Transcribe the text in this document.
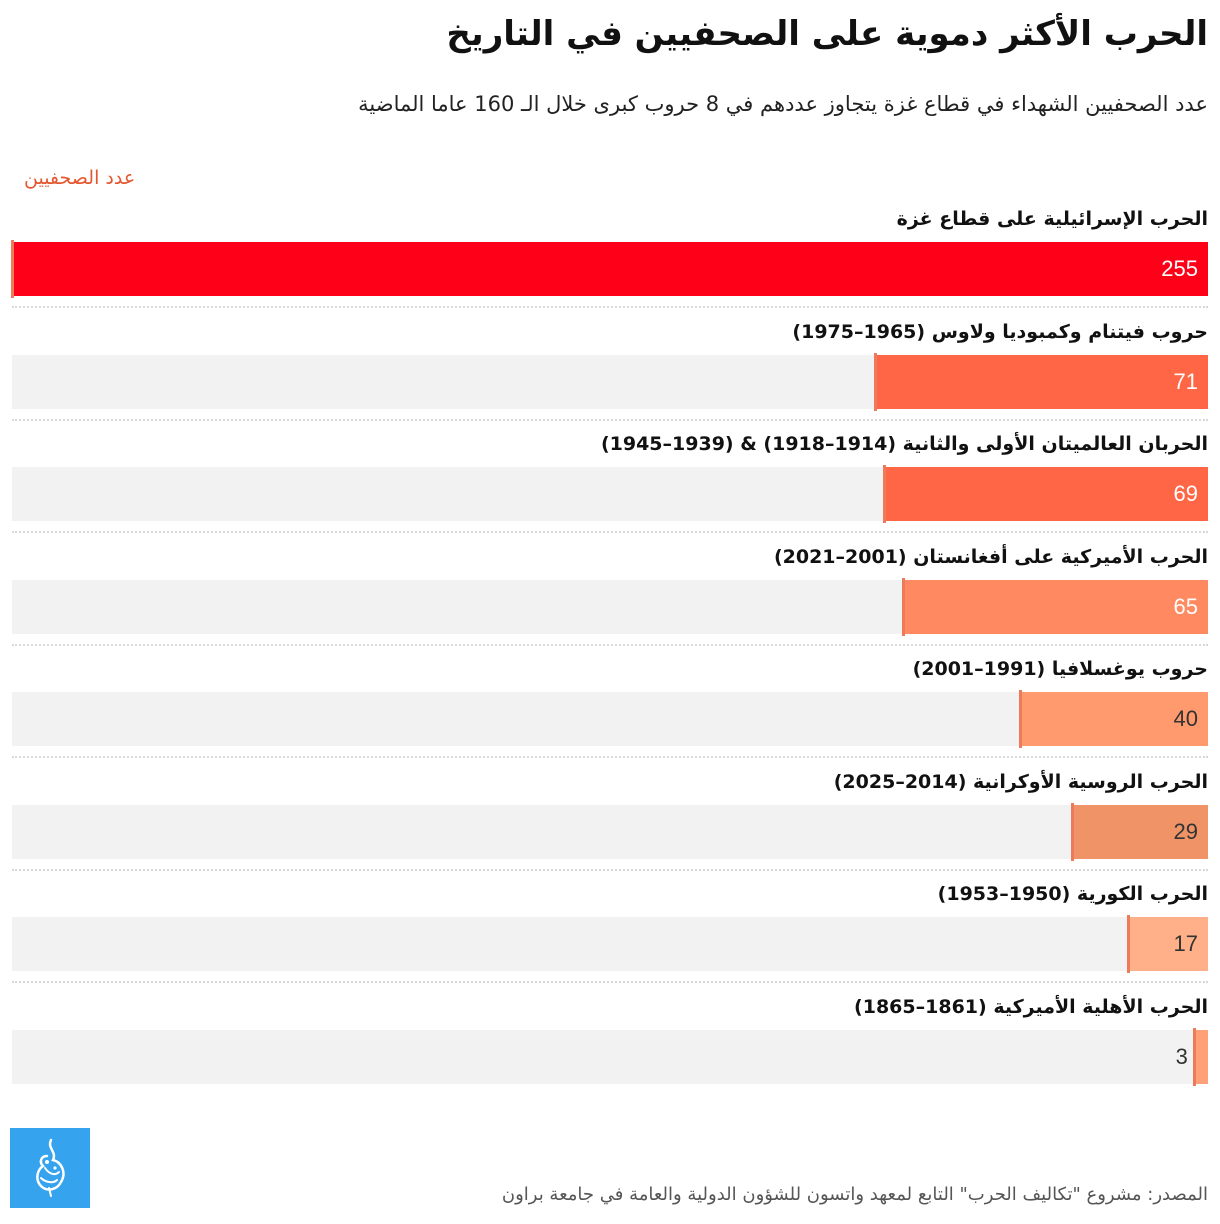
الحرب الأكثر دموية على الصحفيين في التاريخ
عدد الصحفيين الشهداء في قطاع غزة يتجاوز عددهم في 8 حروب كبرى خلال الـ 160 عاما الماضية
عدد الصحفيين
الحرب الإسرائيلية على قطاع غزة
255
حروب فيتنام وكمبوديا ولاوس (1965–1975)
71
الحربان العالميتان الأولى والثانية (1914–1918) & (1939–1945)
69
الحرب الأميركية على أفغانستان (2001–2021)
65
حروب يوغسلافيا (1991–2001)
40
الحرب الروسية الأوكرانية (2014–2025)
29
الحرب الكورية (1950–1953)
17
الحرب الأهلية الأميركية (1861–1865)
3
المصدر: مشروع "تكاليف الحرب" التابع لمعهد واتسون للشؤون الدولية والعامة في جامعة براون
